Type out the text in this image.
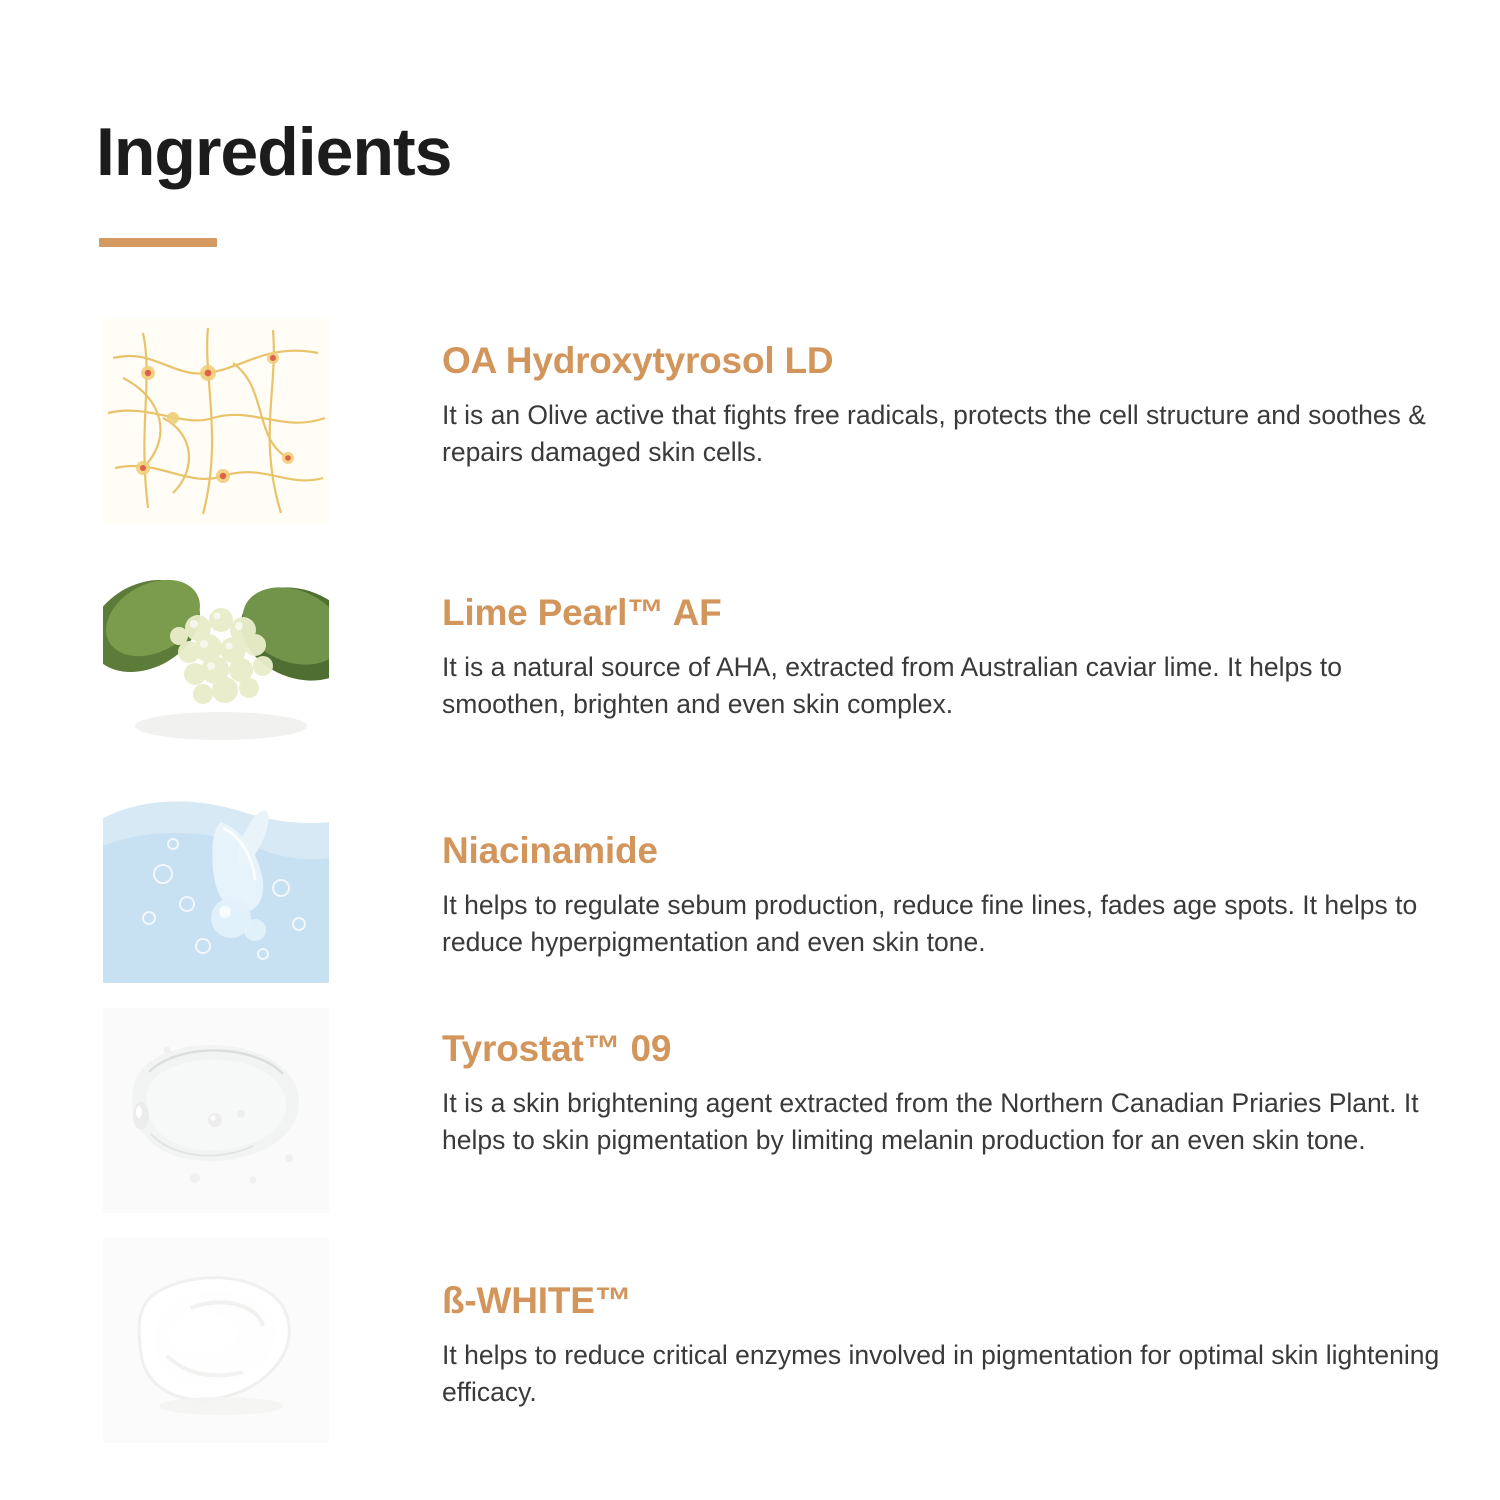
Ingredients
OA Hydroxytyrosol LD
It is an Olive active that fights free radicals, protects the cell structure and soothes & repairs damaged skin cells.
Lime Pearl™ AF
It is a natural source of AHA, extracted from Australian caviar lime. It helps to smoothen, brighten and even skin complex.
Niacinamide
It helps to regulate sebum production, reduce fine lines, fades age spots. It helps to reduce hyperpigmentation and even skin tone.
Tyrostat™ 09
It is a skin brightening agent extracted from the Northern Canadian Priaries Plant. It helps to skin pigmentation by limiting melanin production for an even skin tone.
ß-WHITE™
It helps to reduce critical enzymes involved in pigmentation for optimal skin lightening efficacy.
